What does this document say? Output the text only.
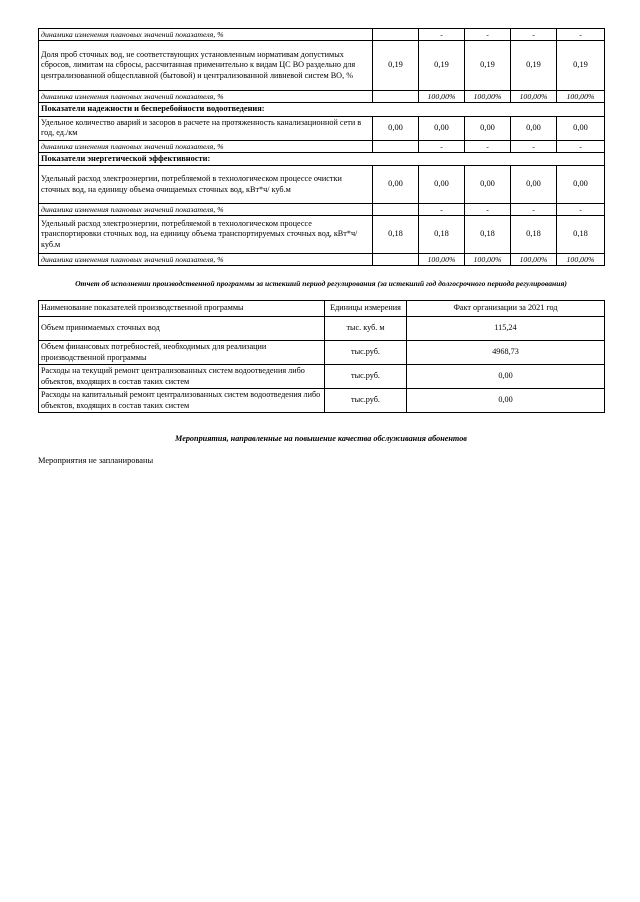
динамика изменения плановых значений показателя, %		-	-	-	-
Доля проб сточных вод, не соответствующих установленным нормативам допустимых сбросов, лимитам на сбросы, рассчитанная применительно к видам ЦС ВО раздельно для централизованной общесплавной (бытовой) и централизованной ливневой систем ВО, %	0,19	0,19	0,19	0,19	0,19
динамика изменения плановых значений показателя, %		100,00%	100,00%	100,00%	100,00%
Показатели надежности и бесперебойности водоотведения:					
Удельное количество аварий и засоров в расчете на протяженность канализационной сети в год, ед./км	0,00	0,00	0,00	0,00	0,00
динамика изменения плановых значений показателя, %		-	-	-	-
Показатели энергетической эффективности:					
Удельный расход электроэнергии, потребляемой в технологическом процессе очистки сточных вод, на единицу объема очищаемых сточных вод, кВт*ч/ куб.м	0,00	0,00	0,00	0,00	0,00
динамика изменения плановых значений показателя, %		-	-	-	-
Удельный расход электроэнергии, потребляемой в технологическом процессе транспортировки сточных вод, на единицу объема транспортируемых сточных вод, кВт*ч/ куб.м	0,18	0,18	0,18	0,18	0,18
динамика изменения плановых значений показателя, %		100,00%	100,00%	100,00%	100,00%
Отчет об исполнении производственной программы за истекший период регулирования (за истекший год долгосрочного периода регулирования)
Наименование показателей производственной программы	Единицы измерения	Факт организации за 2021 год
Объем принимаемых сточных вод	тыс. куб. м	115,24
Объем финансовых потребностей, необходимых для реализации производственной программы	тыс.руб.	4968,73
Расходы на текущий ремонт централизованных систем водоотведения либо объектов, входящих в состав таких систем	тыс.руб.	0,00
Расходы на капитальный ремонт централизованных систем водоотведения либо объектов, входящих в состав таких систем	тыс.руб.	0,00
Мероприятия, направленные на повышение качества обслуживания абонентов
Мероприятия не запланированы
